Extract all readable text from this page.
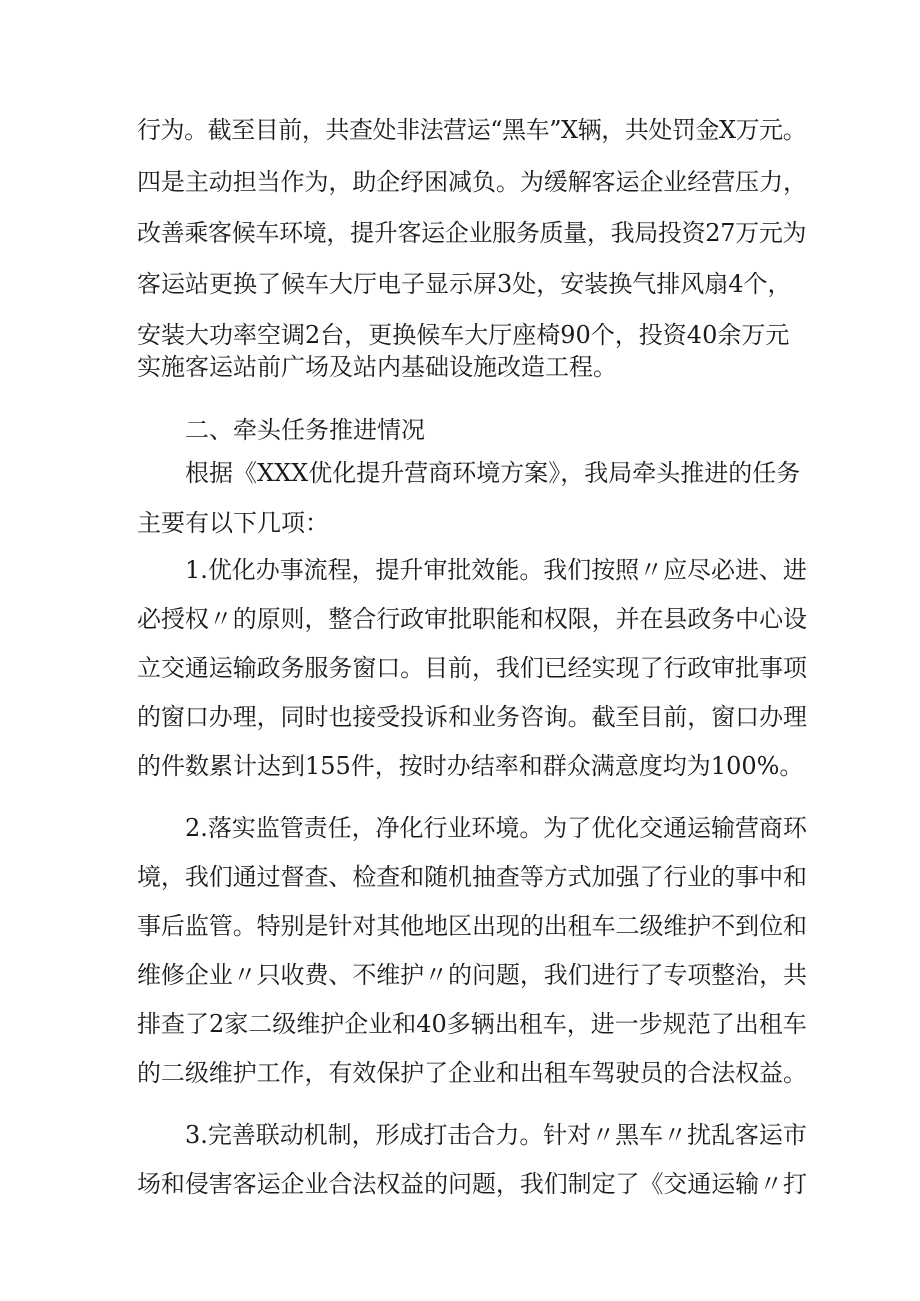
行为。截至目前，共查处非法营运“黑车”X辆，共处罚金X万元。
四是主动担当作为，助企纾困减负。为缓解客运企业经营压力，
改善乘客候车环境，提升客运企业服务质量，我局投资27万元为
客运站更换了候车大厅电子显示屏3处，安装换气排风扇4个，
安装大功率空调2台，更换候车大厅座椅90个，投资40余万元
实施客运站前广场及站内基础设施改造工程。
二、牵头任务推进情况
根据《XXX优化提升营商环境方案》，我局牵头推进的任务
主要有以下几项：
1.优化办事流程，提升审批效能。我们按照〃应尽必进、进
必授权〃的原则，整合行政审批职能和权限，并在县政务中心设
立交通运输政务服务窗口。目前，我们已经实现了行政审批事项
的窗口办理，同时也接受投诉和业务咨询。截至目前，窗口办理
的件数累计达到155件，按时办结率和群众满意度均为100%。
2.落实监管责任，净化行业环境。为了优化交通运输营商环
境，我们通过督查、检查和随机抽查等方式加强了行业的事中和
事后监管。特别是针对其他地区出现的出租车二级维护不到位和
维修企业〃只收费、不维护〃的问题，我们进行了专项整治，共
排查了2家二级维护企业和40多辆出租车，进一步规范了出租车
的二级维护工作，有效保护了企业和出租车驾驶员的合法权益。
3.完善联动机制，形成打击合力。针对〃黑车〃扰乱客运市
场和侵害客运企业合法权益的问题，我们制定了《交通运输〃打
